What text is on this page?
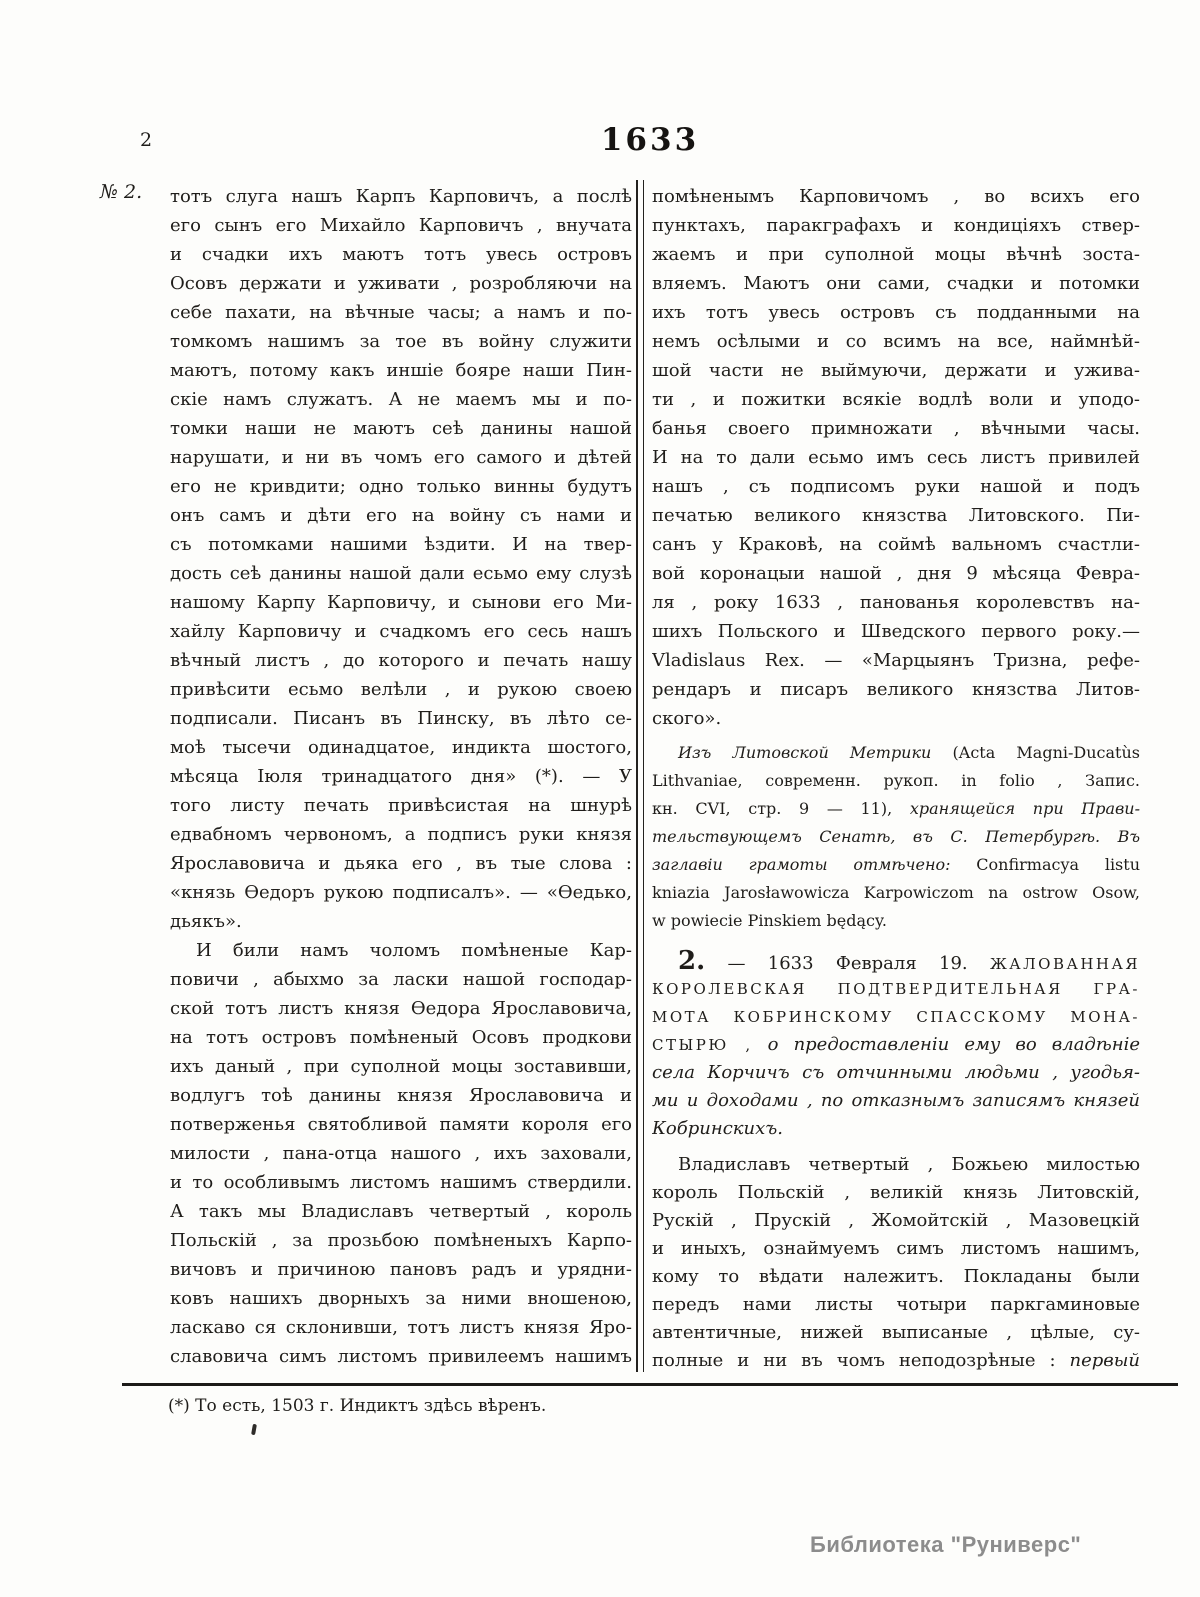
2	1633
№ 2. тотъ слуга нашъ Карпъ Карповичъ, а послѣ
его сынъ его Михайло Карповичъ , внучата
и счадки ихъ маютъ тотъ увесь островъ
Осовъ держати и уживати , розробляючи на
себе пахати, на вѣчные часы; а намъ и по-
томкомъ нашимъ за тое въ войну служити
маютъ, потому какъ иншіе бояре наши Пин-
скіе намъ служатъ. А не маемъ мы и по-
томки наши не маютъ сеѣ данины нашой
нарушати, и ни въ чомъ его самого и дѣтей
его не кривдити; одно только винны будутъ
онъ самъ и дѣти его на войну съ нами и
съ потомками нашими ѣздити. И на твер-
дость сеѣ данины нашой дали есьмо ему слузѣ
нашому Карпу Карповичу, и сынови его Ми-
хайлу Карповичу и счадкомъ его сесь нашъ
вѣчный листъ , до которого и печать нашу
привѣсити есьмо велѣли , и рукою своею
подписали. Писанъ въ Пинску, въ лѣто се-
моѣ тысечи одинадцатое, индикта шостого,
мѣсяца Іюля тринадцатого дня» (*). — У
того листу печать привѣсистая на шнурѣ
едвабномъ червономъ, а подписъ руки князя
Ярославовича и дьяка его , въ тые слова :
«князь Ѳедоръ рукою подписалъ». — «Ѳедько,
дьякъ».
И били намъ чоломъ помѣненые Кар-
повичи , абыхмо за ласки нашой господар-
ской тотъ листъ князя Ѳедора Ярославовича,
на тотъ островъ помѣненый Осовъ продкови
ихъ даный , при суполной моцы зоставивши,
водлугъ тоѣ данины князя Ярославовича и
потверженья святобливой памяти короля его
милости , пана-отца нашого , ихъ заховали,
и то особливымъ листомъ нашимъ ствердили.
А такъ мы Владиславъ четвертый , король
Польскій , за прозьбою помѣненыхъ Карпо-
вичовъ и причиною пановъ радъ и урядни-
ковъ нашихъ дворныхъ за ними вношеною,
ласкаво ся склонивши, тотъ листъ князя Яро-
славовича симъ листомъ привилеемъ нашимъ
помѣненымъ Карповичомъ , во всихъ его
пунктахъ, паракграфахъ и кондиціяхъ ствер-
жаемъ и при суполной моцы вѣчнѣ зоста-
вляемъ. Маютъ они сами, счадки и потомки
ихъ тотъ увесь островъ съ подданными на
немъ осѣлыми и со всимъ на все, наймнѣй-
шой части не выймуючи, держати и ужива-
ти , и пожитки всякіе водлѣ воли и уподо-
банья своего примножати , вѣчными часы.
И на то дали есьмо имъ сесь листъ привилей
нашъ , съ подписомъ руки нашой и подъ
печатью великого князства Литовского. Пи-
санъ у Краковѣ, на соймѣ вальномъ счастли-
вой коронацыи нашой , дня 9 мѣсяца Февра-
ля , року 1633 , панованья королевствъ на-
шихъ Польского и Шведского первого року.—
Vladislaus Rex. — «Марцыянъ Тризна, рефе-
рендаръ и писаръ великого князства Литов-
ского».
Изъ Литовской Метрики (Acta Magni-Ducatùs
Lithvaniae, современн. рукоп. in folio , Запис.
кн. CVI, стр. 9 — 11), хранящейся при Прави-
тельствующемъ Сенатѣ, въ С. Петербургѣ. Въ
заглавіи грамоты отмѣчено: Confirmacya listu
kniazia Jarosławowicza Karpowiczom na ostrow Osow,
w powiecie Pinskiem będący.
2. — 1633 Февраля 19. ЖАЛОВАННАЯ
КОРОЛЕВСКАЯ ПОДТВЕРДИТЕЛЬНАЯ ГРА-
МОТА КОБРИНСКОМУ СПАССКОМУ МОНА-
СТЫРЮ , о предоставленіи ему во владѣніе
села Корчичъ съ отчинными людьми , угодья-
ми и доходами , по отказнымъ записямъ князей
Кобринскихъ.
Владиславъ четвертый , Божьею милостью
король Польскій , великій князь Литовскій,
Рускій , Прускій , Жомойтскій , Мазовецкій
и иныхъ, ознаймуемъ симъ листомъ нашимъ,
кому то вѣдати належитъ. Покладаны были
передъ нами листы чотыри паркгаминовые
автентичные, нижей выписаные , цѣлые, су-
полные и ни въ чомъ неподозрѣные : первый
(*) То есть, 1503 г. Индиктъ здѣсь вѣренъ.
Библиотека "Руниверс"
